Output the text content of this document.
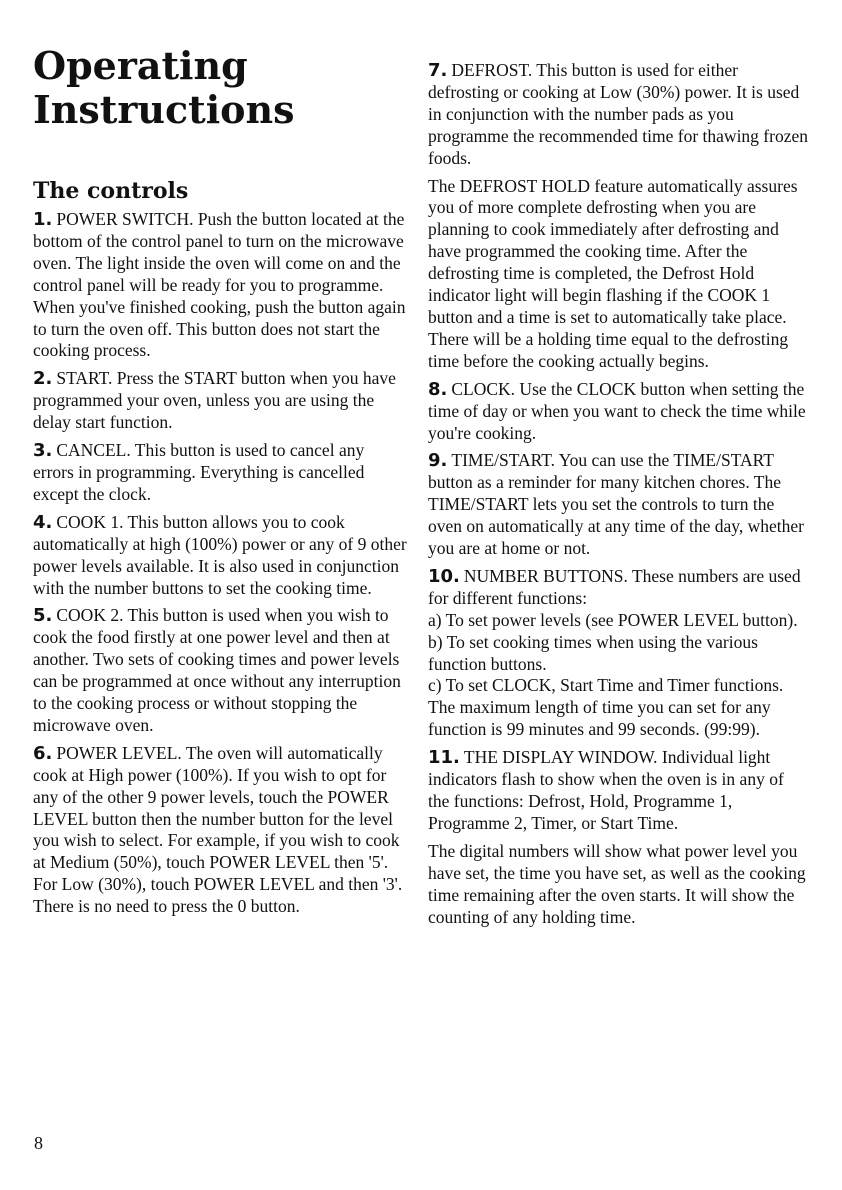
Operating
Instructions
The controls

1. POWER SWITCH. Push the button located at the bottom of the control panel to turn on the microwave oven. The light inside the oven will come on and the control panel will be ready for you to programme. When you've finished cooking, push the button again to turn the oven off. This button does not start the cooking process.

2. START. Press the START button when you have programmed your oven, unless you are using the delay start function.

3. CANCEL. This button is used to cancel any errors in programming. Everything is cancelled except the clock.

4. COOK 1. This button allows you to cook automatically at high (100%) power or any of 9 other power levels available. It is also used in conjunction with the number buttons to set the cooking time.

5. COOK 2. This button is used when you wish to cook the food firstly at one power level and then at another. Two sets of cooking times and power levels can be programmed at once without any interruption to the cooking process or without stopping the microwave oven.

6. POWER LEVEL. The oven will automatically cook at High power (100%). If you wish to opt for any of the other 9 power levels, touch the POWER LEVEL button then the number button for the level you wish to select. For example, if you wish to cook at Medium (50%), touch POWER LEVEL then '5'. For Low (30%), touch POWER LEVEL and then '3'. There is no need to press the 0 button.

7. DEFROST. This button is used for either defrosting or cooking at Low (30%) power. It is used in conjunction with the number pads as you programme the recommended time for thawing frozen foods.

The DEFROST HOLD feature automatically assures you of more complete defrosting when you are planning to cook immediately after defrosting and have programmed the cooking time. After the defrosting time is completed, the Defrost Hold indicator light will begin flashing if the COOK 1 button and a time is set to automatically take place. There will be a holding time equal to the defrosting time before the cooking actually begins.

8. CLOCK. Use the CLOCK button when setting the time of day or when you want to check the time while you're cooking.

9. TIME/START. You can use the TIME/START button as a reminder for many kitchen chores. The TIME/START lets you set the controls to turn the oven on automatically at any time of the day, whether you are at home or not.

10. NUMBER BUTTONS. These numbers are used for different functions:
a) To set power levels (see POWER LEVEL button).
b) To set cooking times when using the various function buttons.
c) To set CLOCK, Start Time and Timer functions.
The maximum length of time you can set for any function is 99 minutes and 99 seconds. (99:99).

11. THE DISPLAY WINDOW. Individual light indicators flash to show when the oven is in any of the functions: Defrost, Hold, Programme 1, Programme 2, Timer, or Start Time.

The digital numbers will show what power level you have set, the time you have set, as well as the cooking time remaining after the oven starts. It will show the counting of any holding time.

8
